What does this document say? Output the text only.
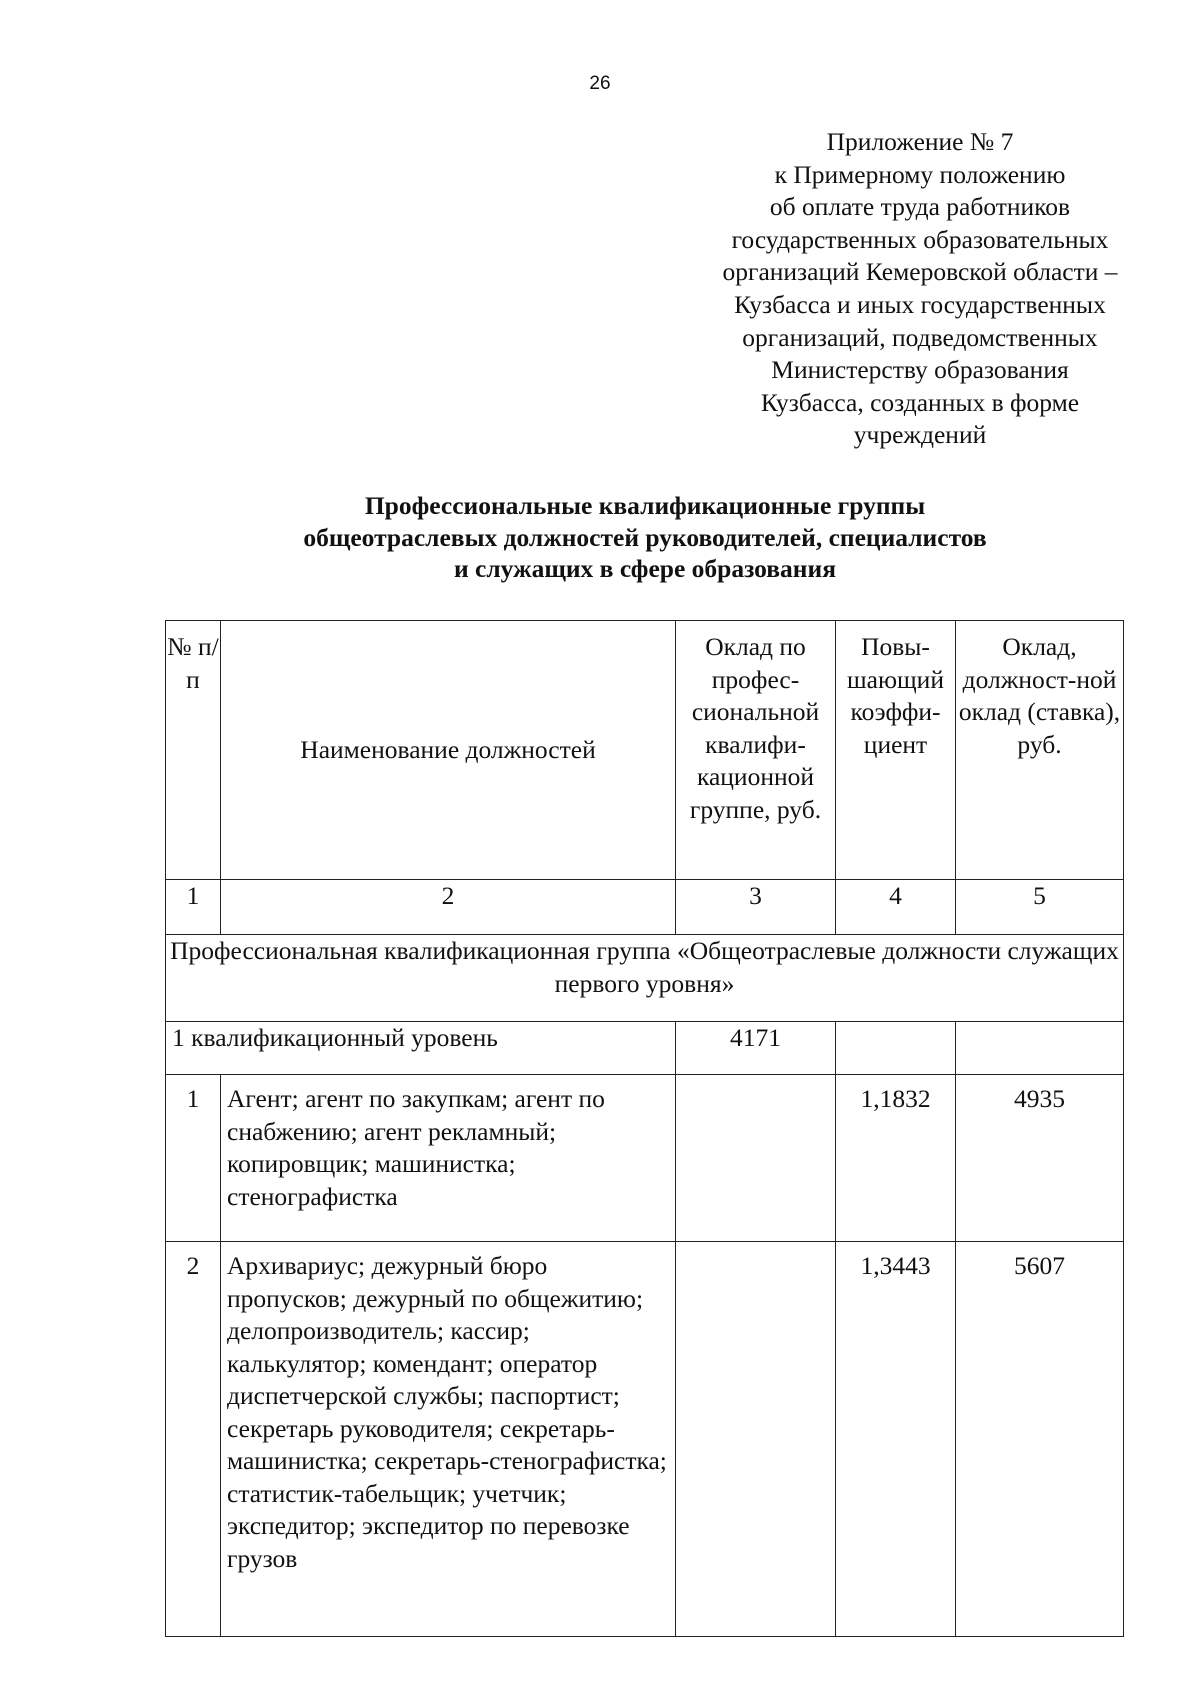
26
Приложение № 7
к Примерному положению
об оплате труда работников
государственных образовательных
организаций Кемеровской области –
Кузбасса и иных государственных
организаций, подведомственных
Министерству образования
Кузбасса, созданных в форме
учреждений
Профессиональные квалификационные группы
общеотраслевых должностей руководителей, специалистов
и служащих в сфере образования
№ п/п	Наименование должностей	Оклад по профес-сиональной квалифи-кационной группе, руб.	Повы-шающий коэффи-циент	Оклад, должност-ной оклад (ставка), руб.
1	2	3	4	5
Профессиональная квалификационная группа «Общеотраслевые должности служащих первого уровня»				
1 квалификационный уровень		4171		
1	Агент; агент по закупкам; агент по снабжению; агент рекламный; копировщик; машинистка; стенографистка		1,1832	4935
2	Архивариус; дежурный бюро пропусков; дежурный по общежитию; делопроизводитель; кассир; калькулятор; комендант; оператор диспетчерской службы; паспортист; секретарь руководителя; секретарь-машинистка; секретарь-стенографистка; статистик-табельщик; учетчик; экспедитор; экспедитор по перевозке грузов		1,3443	5607
